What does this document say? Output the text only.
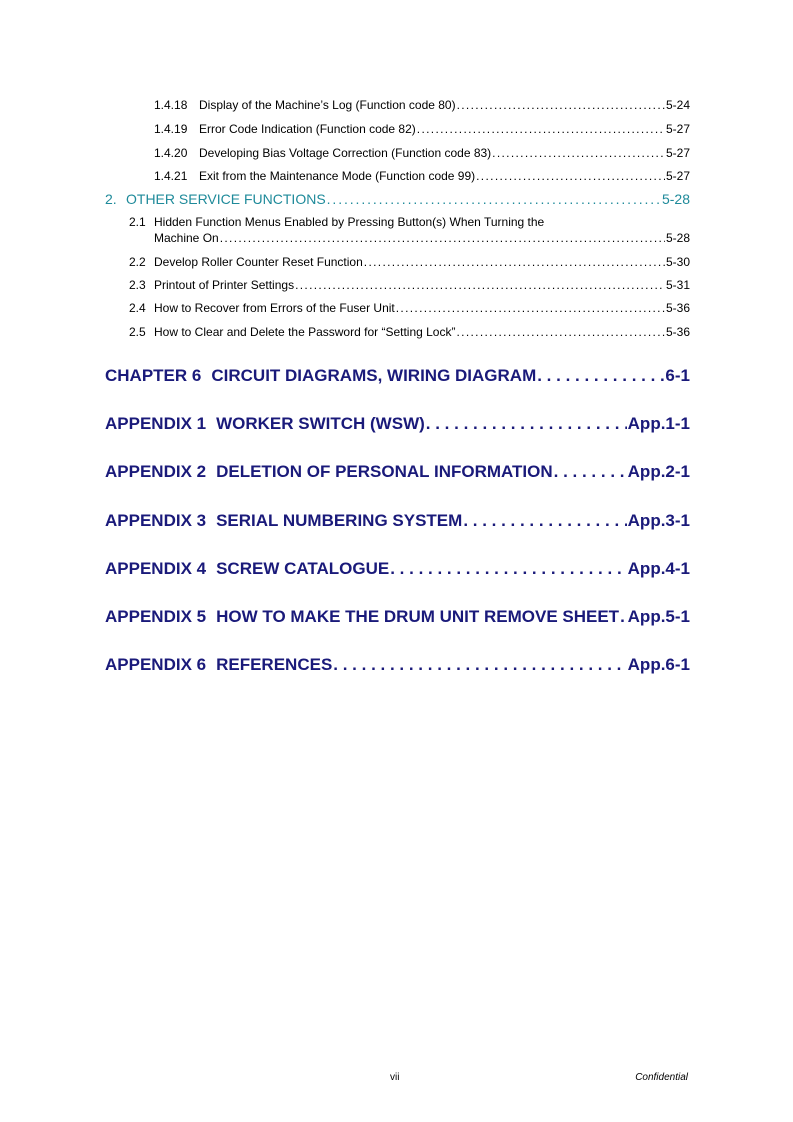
1.4.18 Display of the Machine’s Log (Function code 80) . . .	5-24
1.4.19 Error Code Indication (Function code 82) . . .	5-27
1.4.20 Developing Bias Voltage Correction (Function code 83) . . .	5-27
1.4.21 Exit from the Maintenance Mode (Function code 99) . . .	5-27
2. OTHER SERVICE FUNCTIONS . . .	5-28
2.1 Hidden Function Menus Enabled by Pressing Button(s) When Turning the
Machine On . . .	5-28
2.2 Develop Roller Counter Reset Function . . .	5-30
2.3 Printout of Printer Settings . . .	5-31
2.4 How to Recover from Errors of the Fuser Unit . . .	5-36
2.5 How to Clear and Delete the Password for “Setting Lock” . . .	5-36
CHAPTER 6 CIRCUIT DIAGRAMS, WIRING DIAGRAM . . .	6-1
APPENDIX 1 WORKER SWITCH (WSW) . . .	App.1-1
APPENDIX 2 DELETION OF PERSONAL INFORMATION . . .	App.2-1
APPENDIX 3 SERIAL NUMBERING SYSTEM . . .	App.3-1
APPENDIX 4 SCREW CATALOGUE . . .	App.4-1
APPENDIX 5 HOW TO MAKE THE DRUM UNIT REMOVE SHEET . . . App.5-1
APPENDIX 6 REFERENCES . . .	App.6-1
vii	Confidential
